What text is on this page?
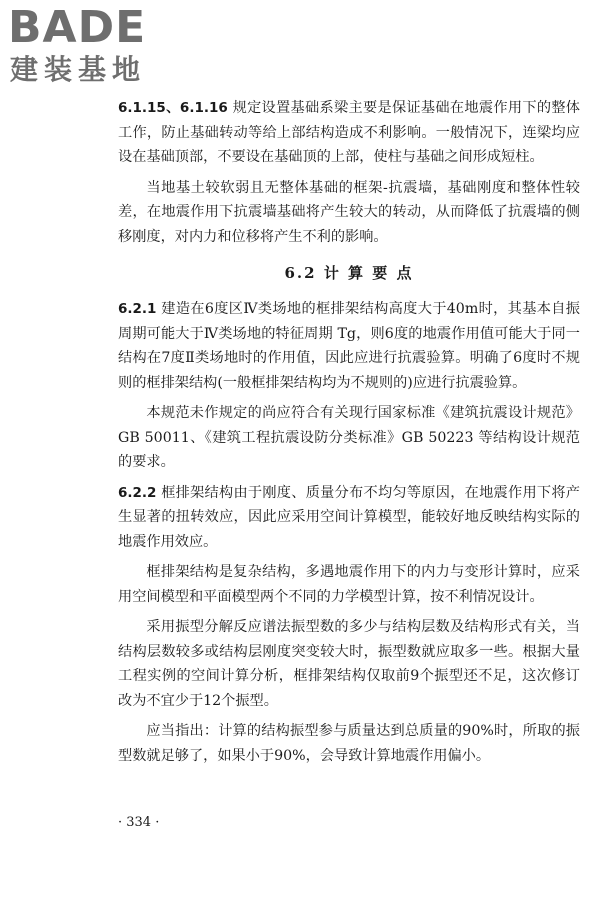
BADE
建装基地

6.1.15、6.1.16 规定设置基础系梁主要是保证基础在地震作用下的整体工作，防止基础转动等给上部结构造成不利影响。一般情况下，连梁均应设在基础顶部，不要设在基础顶的上部，使柱与基础之间形成短柱。

当地基土较软弱且无整体基础的框架-抗震墙，基础刚度和整体性较差，在地震作用下抗震墙基础将产生较大的转动，从而降低了抗震墙的侧移刚度，对内力和位移将产生不利的影响。

6.2 计 算 要 点

6.2.1 建造在6度区Ⅳ类场地的框排架结构高度大于40m时，其基本自振周期可能大于Ⅳ类场地的特征周期 Tg，则6度的地震作用值可能大于同一结构在7度Ⅱ类场地时的作用值，因此应进行抗震验算。明确了6度时不规则的框排架结构(一般框排架结构均为不规则的)应进行抗震验算。

本规范未作规定的尚应符合有关现行国家标准《建筑抗震设计规范》GB 50011、《建筑工程抗震设防分类标准》GB 50223 等结构设计规范的要求。

6.2.2 框排架结构由于刚度、质量分布不均匀等原因，在地震作用下将产生显著的扭转效应，因此应采用空间计算模型，能较好地反映结构实际的地震作用效应。

框排架结构是复杂结构，多遇地震作用下的内力与变形计算时，应采用空间模型和平面模型两个不同的力学模型计算，按不利情况设计。

采用振型分解反应谱法振型数的多少与结构层数及结构形式有关，当结构层数较多或结构层刚度突变较大时，振型数就应取多一些。根据大量工程实例的空间计算分析，框排架结构仅取前9个振型还不足，这次修订改为不宜少于12个振型。

应当指出：计算的结构振型参与质量达到总质量的90%时，所取的振型数就足够了，如果小于90%，会导致计算地震作用偏小。

· 334 ·
